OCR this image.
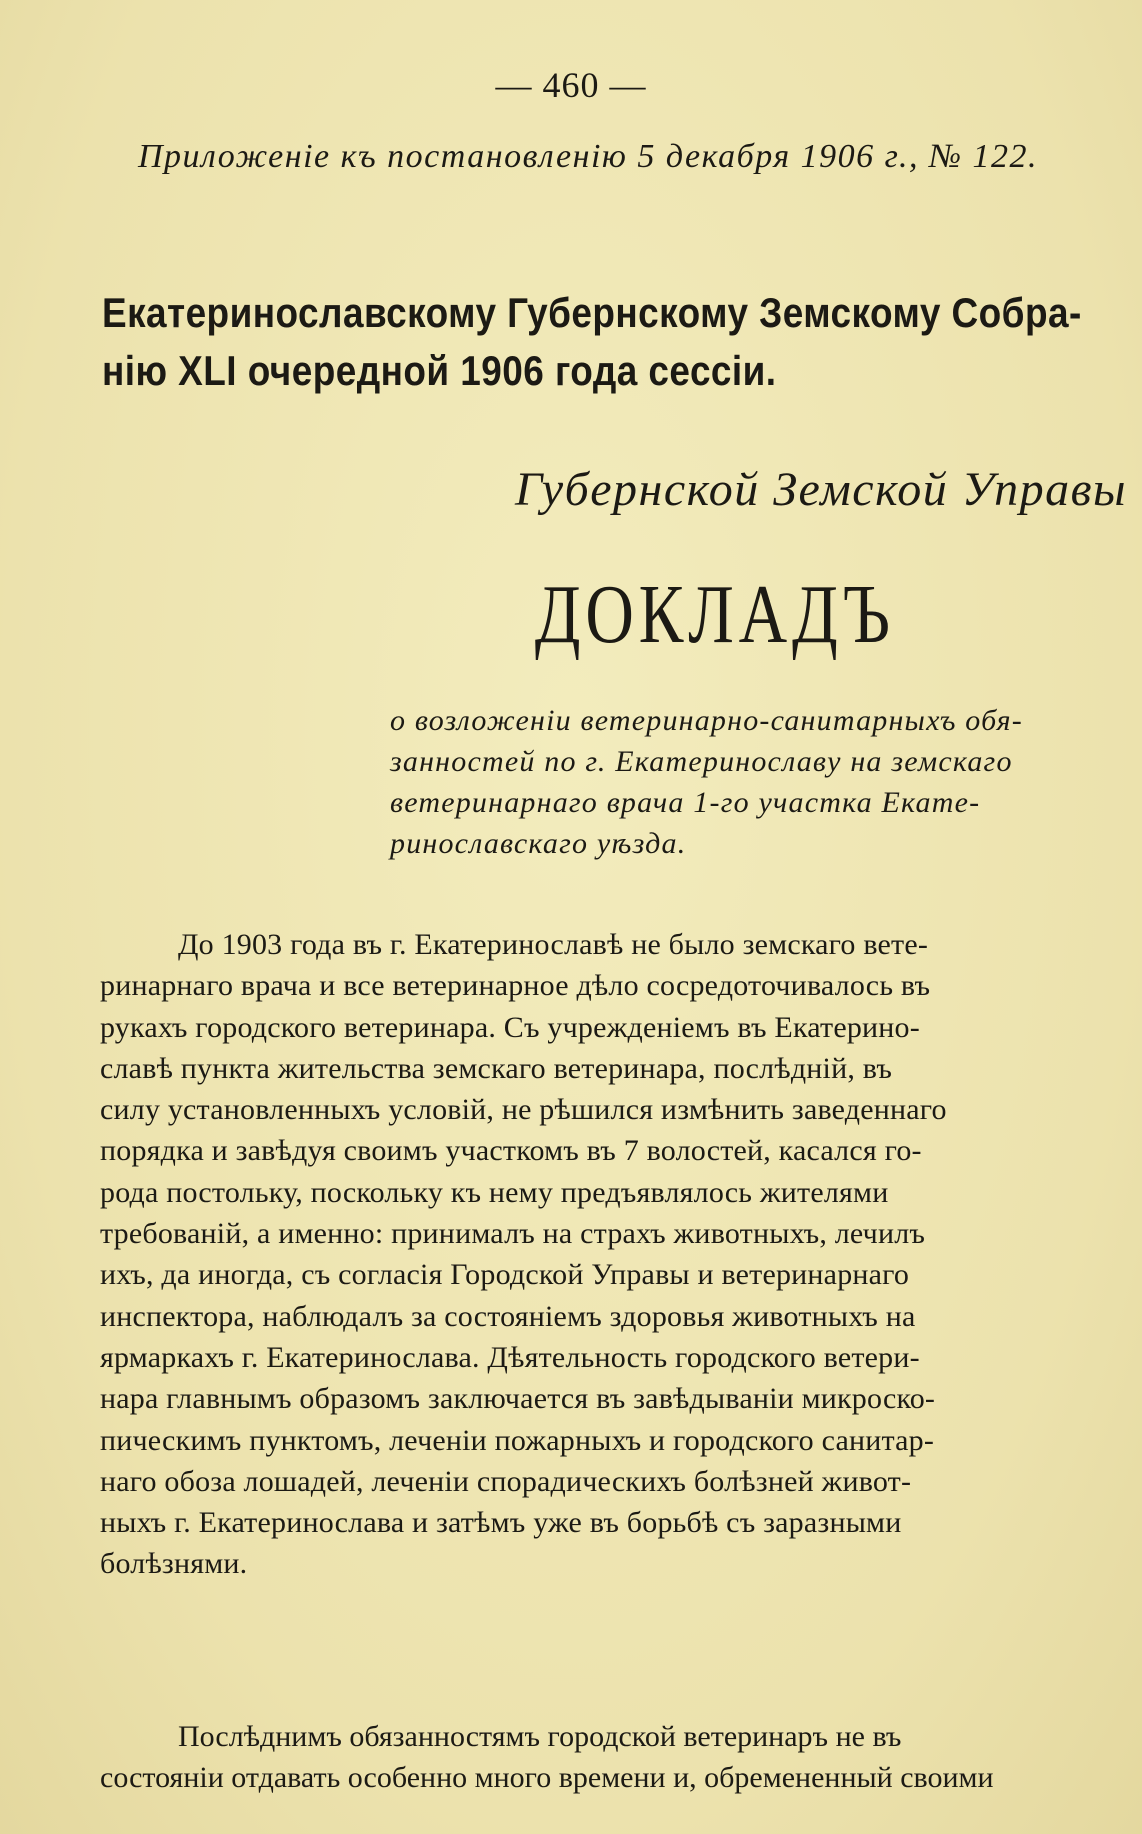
— 460 —
Приложеніе къ постановленію 5 декабря 1906 г., № 122.
Екатеринославскому Губернскому Земскому Собра-
нію XLI очередной 1906 года сессіи.
Губернской Земской Управы
ДОКЛАДЪ
о возложеніи ветеринарно-санитарныхъ обя-
занностей по г. Екатеринославу на земскаго
ветеринарнаго врача 1-го участка Екате-
ринославскаго уѣзда.
До 1903 года въ г. Екатеринославѣ не было земскаго ветe-
ринарнаго врача и все ветеринарное дѣло сосредоточивалось въ
рукахъ городского ветеринара. Съ учрежденіемъ въ Екатерино-
славѣ пункта жительства земскаго ветеринара, послѣдній, въ
силу установленныхъ условій, не рѣшился измѣнить заведеннаго
порядка и завѣдуя своимъ участкомъ въ 7 волостей, касался го-
рода постольку, поскольку къ нему предъявлялось жителями
требованій, а именно: принималъ на страхъ животныхъ, лечилъ
ихъ, да иногда, съ согласія Городской Управы и ветеринарнаго
инспектора, наблюдалъ за состояніемъ здоровья животныхъ на
ярмаркахъ г. Екатеринослава. Дѣятельность городского ветери-
нара главнымъ образомъ заключается въ завѣдываніи микроско-
пическимъ пунктомъ, леченіи пожарныхъ и городского санитар-
наго обоза лошадей, леченіи спорадическихъ болѣзней живот-
ныхъ г. Екатеринослава и затѣмъ уже въ борьбѣ съ заразными
болѣзнями.
Послѣднимъ обязанностямъ городской ветеринаръ не въ
состояніи отдавать особенно много времени и, обремененный своими
